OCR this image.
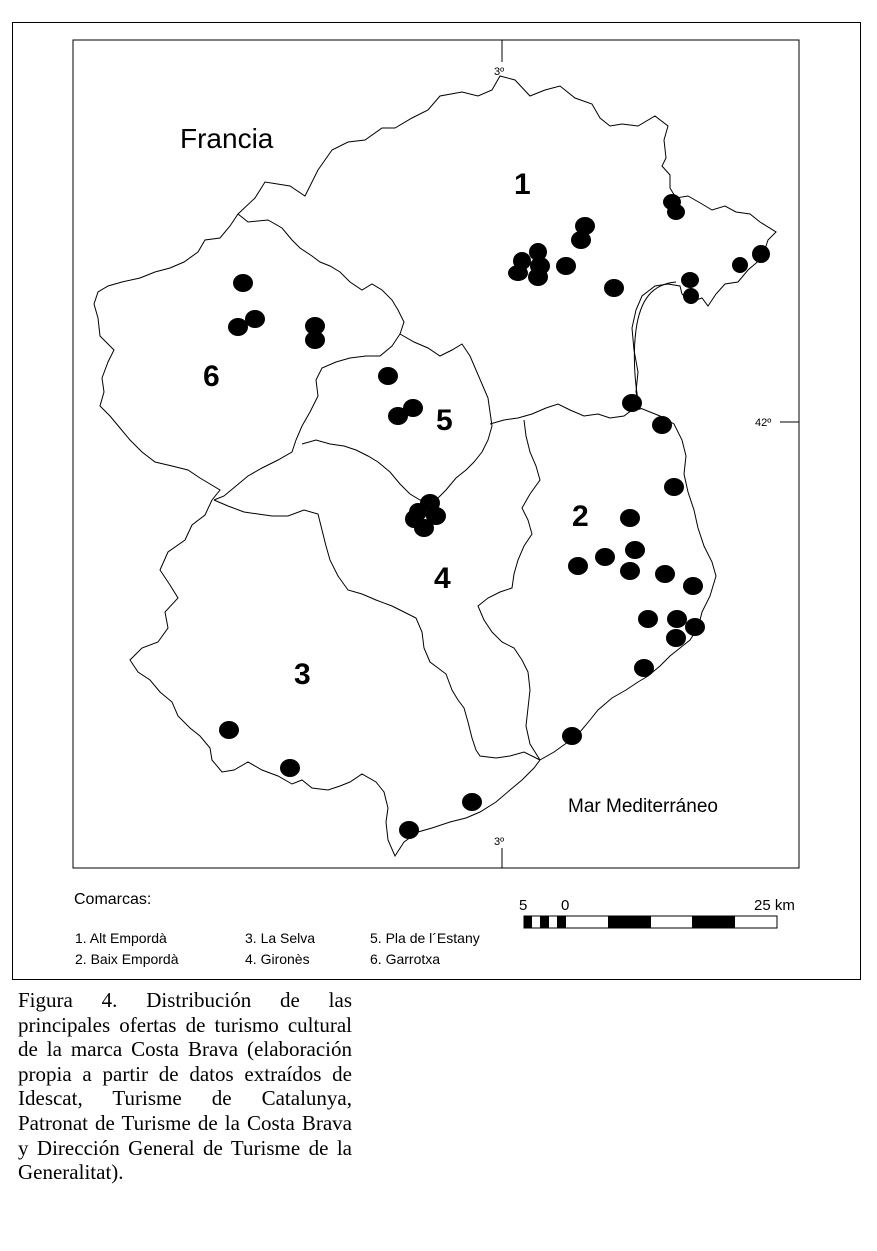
Francia
Mar Mediterráneo
3º
3º
42º
1
2
3
4
5
6
5 0	25 km
Comarcas:
1. Alt Empordà
2. Baix Empordà
3. La Selva
4. Gironès
5. Pla de l´Estany
6. Garrotxa
Figura 4. Distribución de las principales ofertas de turismo cultural de la marca Costa Brava (elaboración propia a partir de datos extraídos de Idescat, Turisme de Catalunya, Patronat de Turisme de la Costa Brava y Dirección General de Turisme de la Generalitat).
